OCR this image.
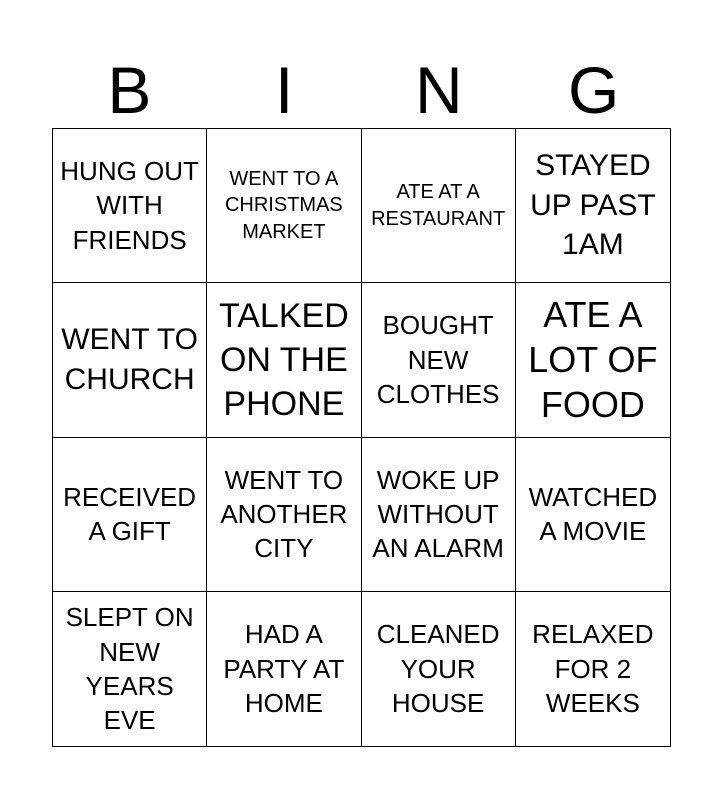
B	I	N	G
HUNG OUT WITH FRIENDS
WENT TO A CHRISTMAS MARKET
ATE AT A RESTAURANT
STAYED UP PAST 1AM
WENT TO CHURCH
TALKED ON THE PHONE
BOUGHT NEW CLOTHES
ATE A LOT OF FOOD
RECEIVED A GIFT
WENT TO ANOTHER CITY
WOKE UP WITHOUT AN ALARM
WATCHED A MOVIE
SLEPT ON NEW YEARS EVE
HAD A PARTY AT HOME
CLEANED YOUR HOUSE
RELAXED FOR 2 WEEKS
